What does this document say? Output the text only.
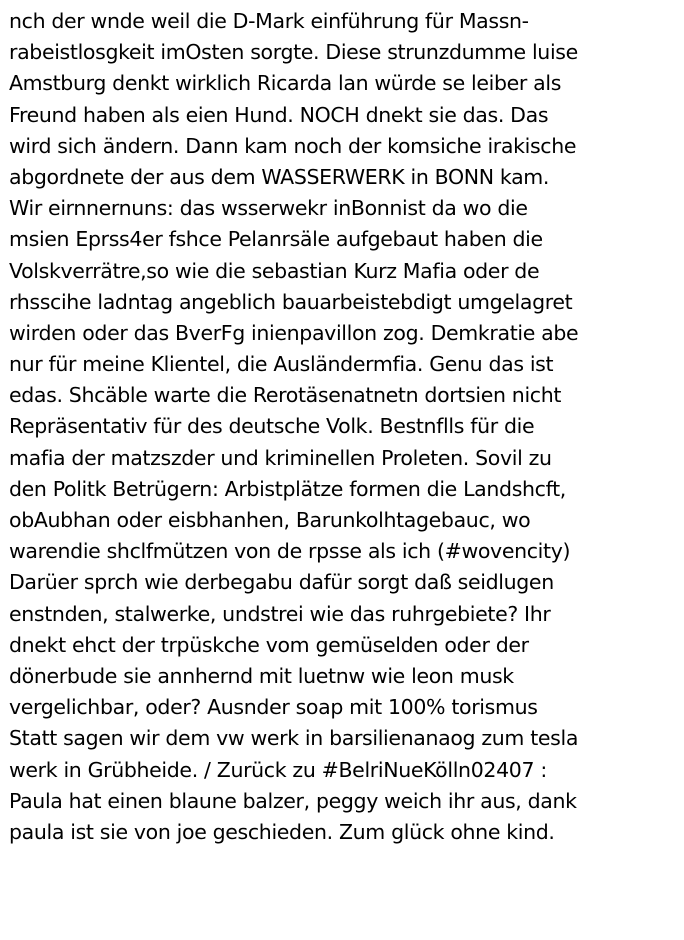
nch der wnde weil die D-Mark einführung für Massn-
rabeistlosgkeit imOsten sorgte. Diese strunzdumme luise
Amstburg denkt wirklich Ricarda lan würde se leiber als
Freund haben als eien Hund. NOCH dnekt sie das. Das
wird sich ändern. Dann kam noch der komsiche irakische
abgordnete der aus dem WASSERWERK in BONN kam.
Wir eirnnernuns: das wsserwekr inBonnist da wo die
msien Eprss4er fshce Pelanrsäle aufgebaut haben die
Volskverrätre,so wie die sebastian Kurz Mafia oder de
rhsscihe ladntag angeblich bauarbeistebdigt umgelagret
wirden oder das BverFg inienpavillon zog. Demkratie abe
nur für meine Klientel, die Ausländermfia. Genu das ist
edas. Shcäble warte die Rerotäsenatnetn dortsien nicht
Repräsentativ für des deutsche Volk. Bestnflls für die
mafia der matzszder und kriminellen Proleten. Sovil zu
den Politk Betrügern: Arbistplätze formen die Landshcft,
obAubhan oder eisbhanhen, Barunkolhtagebauc, wo
warendie shclfmützen von de rpsse als ich (#wovencity)
Darüer sprch wie derbegabu dafür sorgt daß seidlugen
enstnden, stalwerke, undstrei wie das ruhrgebiete? Ihr
dnekt ehct der trpüskche vom gemüselden oder der
dönerbude sie annhernd mit luetnw wie leon musk
vergelichbar, oder? Ausnder soap mit 100% torismus
Statt sagen wir dem vw werk in barsilienanaog zum tesla
werk in Grübheide. / Zurück zu #BelriNueKölln02407 :
Paula hat einen blaune balzer, peggy weich ihr aus, dank
paula ist sie von joe geschieden. Zum glück ohne kind.
